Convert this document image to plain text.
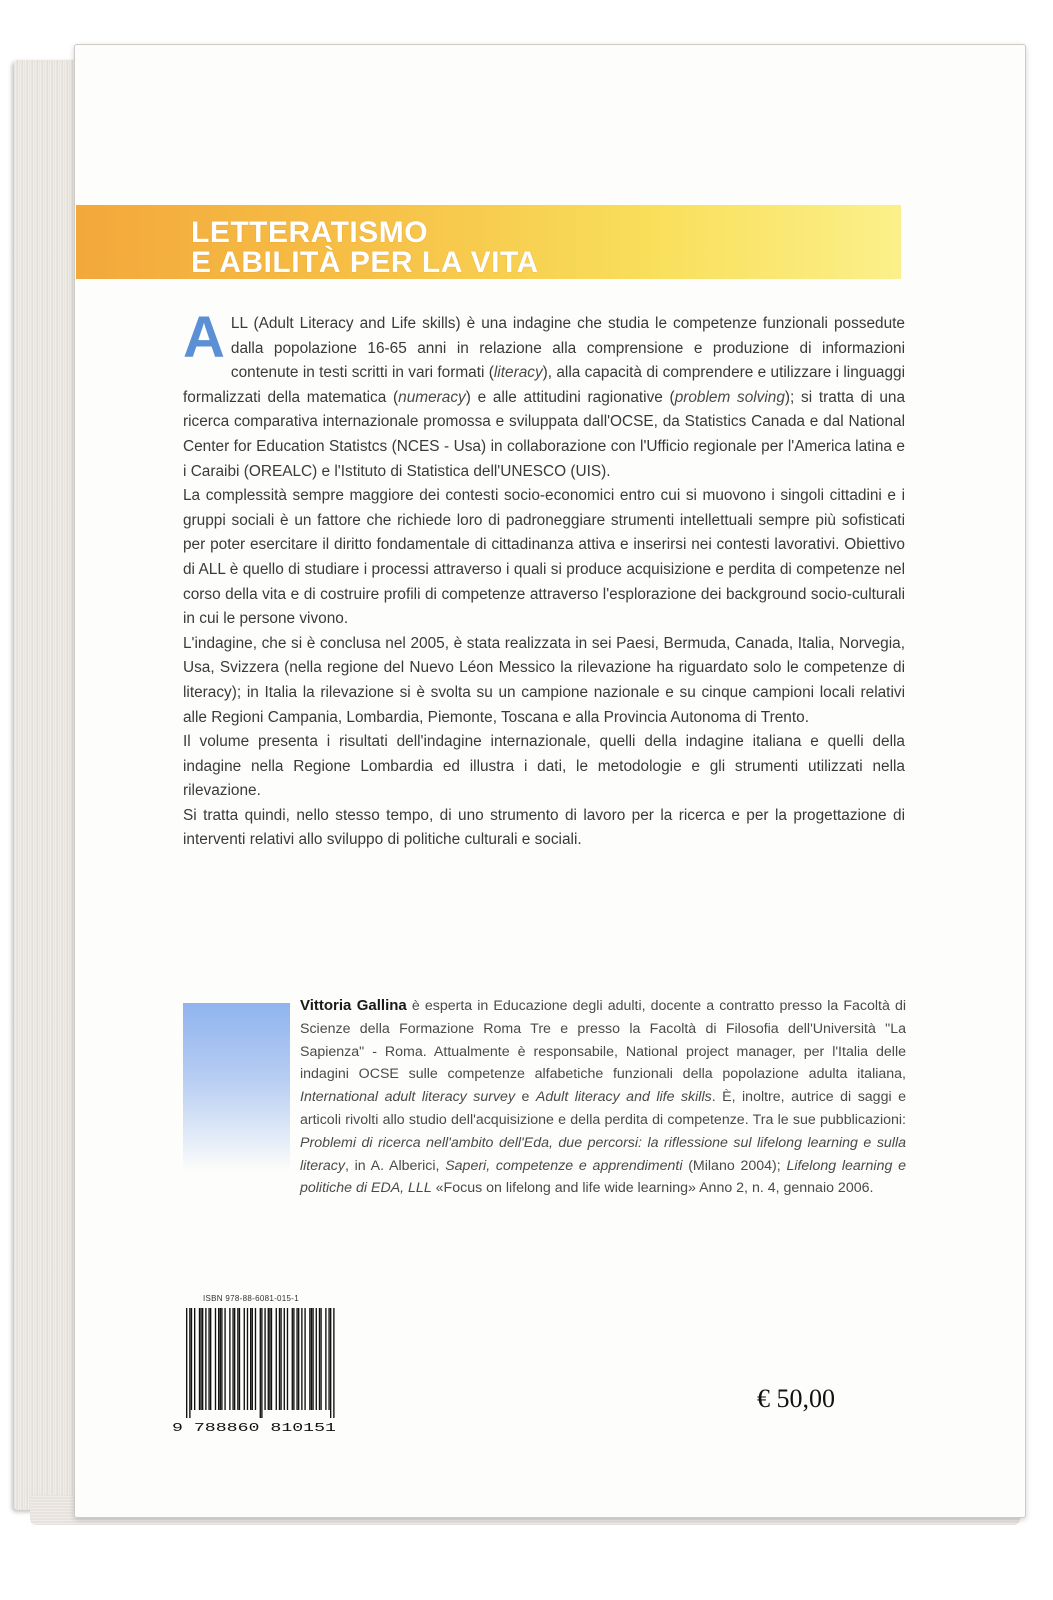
LETTERATISMO
E ABILITÀ PER LA VITA

ALL (Adult Literacy and Life skills) è una indagine che studia le competenze funzionali possedute dalla popolazione 16-65 anni in relazione alla comprensione e produzione di informazioni contenute in testi scritti in vari formati (literacy), alla capacità di comprendere e utilizzare i linguaggi formalizzati della matematica (numeracy) e alle attitudini ragionative (problem solving); si tratta di una ricerca comparativa internazionale promossa e sviluppata dall'OCSE, da Statistics Canada e dal National Center for Education Statistcs (NCES - Usa) in collaborazione con l'Ufficio regionale per l'America latina e i Caraibi (OREALC) e l'Istituto di Statistica dell'UNESCO (UIS).

La complessità sempre maggiore dei contesti socio-economici entro cui si muovono i singoli cittadini e i gruppi sociali è un fattore che richiede loro di padroneggiare strumenti intellettuali sempre più sofisticati per poter esercitare il diritto fondamentale di cittadinanza attiva e inserirsi nei contesti lavorativi. Obiettivo di ALL è quello di studiare i processi attraverso i quali si produce acquisizione e perdita di competenze nel corso della vita e di costruire profili di competenze attraverso l'esplorazione dei background socio-culturali in cui le persone vivono.

L'indagine, che si è conclusa nel 2005, è stata realizzata in sei Paesi, Bermuda, Canada, Italia, Norvegia, Usa, Svizzera (nella regione del Nuevo Léon Messico la rilevazione ha riguardato solo le competenze di literacy); in Italia la rilevazione si è svolta su un campione nazionale e su cinque campioni locali relativi alle Regioni Campania, Lombardia, Piemonte, Toscana e alla Provincia Autonoma di Trento.

Il volume presenta i risultati dell'indagine internazionale, quelli della indagine italiana e quelli della indagine nella Regione Lombardia ed illustra i dati, le metodologie e gli strumenti utilizzati nella rilevazione.

Si tratta quindi, nello stesso tempo, di uno strumento di lavoro per la ricerca e per la progettazione di interventi relativi allo sviluppo di politiche culturali e sociali.

Vittoria Gallina è esperta in Educazione degli adulti, docente a contratto presso la Facoltà di Scienze della Formazione Roma Tre e presso la Facoltà di Filosofia dell'Università "La Sapienza" - Roma. Attualmente è responsabile, National project manager, per l'Italia delle indagini OCSE sulle competenze alfabetiche funzionali della popolazione adulta italiana, International adult literacy survey e Adult literacy and life skills. È, inoltre, autrice di saggi e articoli rivolti allo studio dell'acquisizione e della perdita di competenze. Tra le sue pubblicazioni: Problemi di ricerca nell'ambito dell'Eda, due percorsi: la riflessione sul lifelong learning e sulla literacy, in A. Alberici, Saperi, competenze e apprendimenti (Milano 2004); Lifelong learning e politiche di EDA, LLL «Focus on lifelong and life wide learning» Anno 2, n. 4, gennaio 2006.

ISBN 978-88-6081-015-1
9 788860 810151
€ 50,00
